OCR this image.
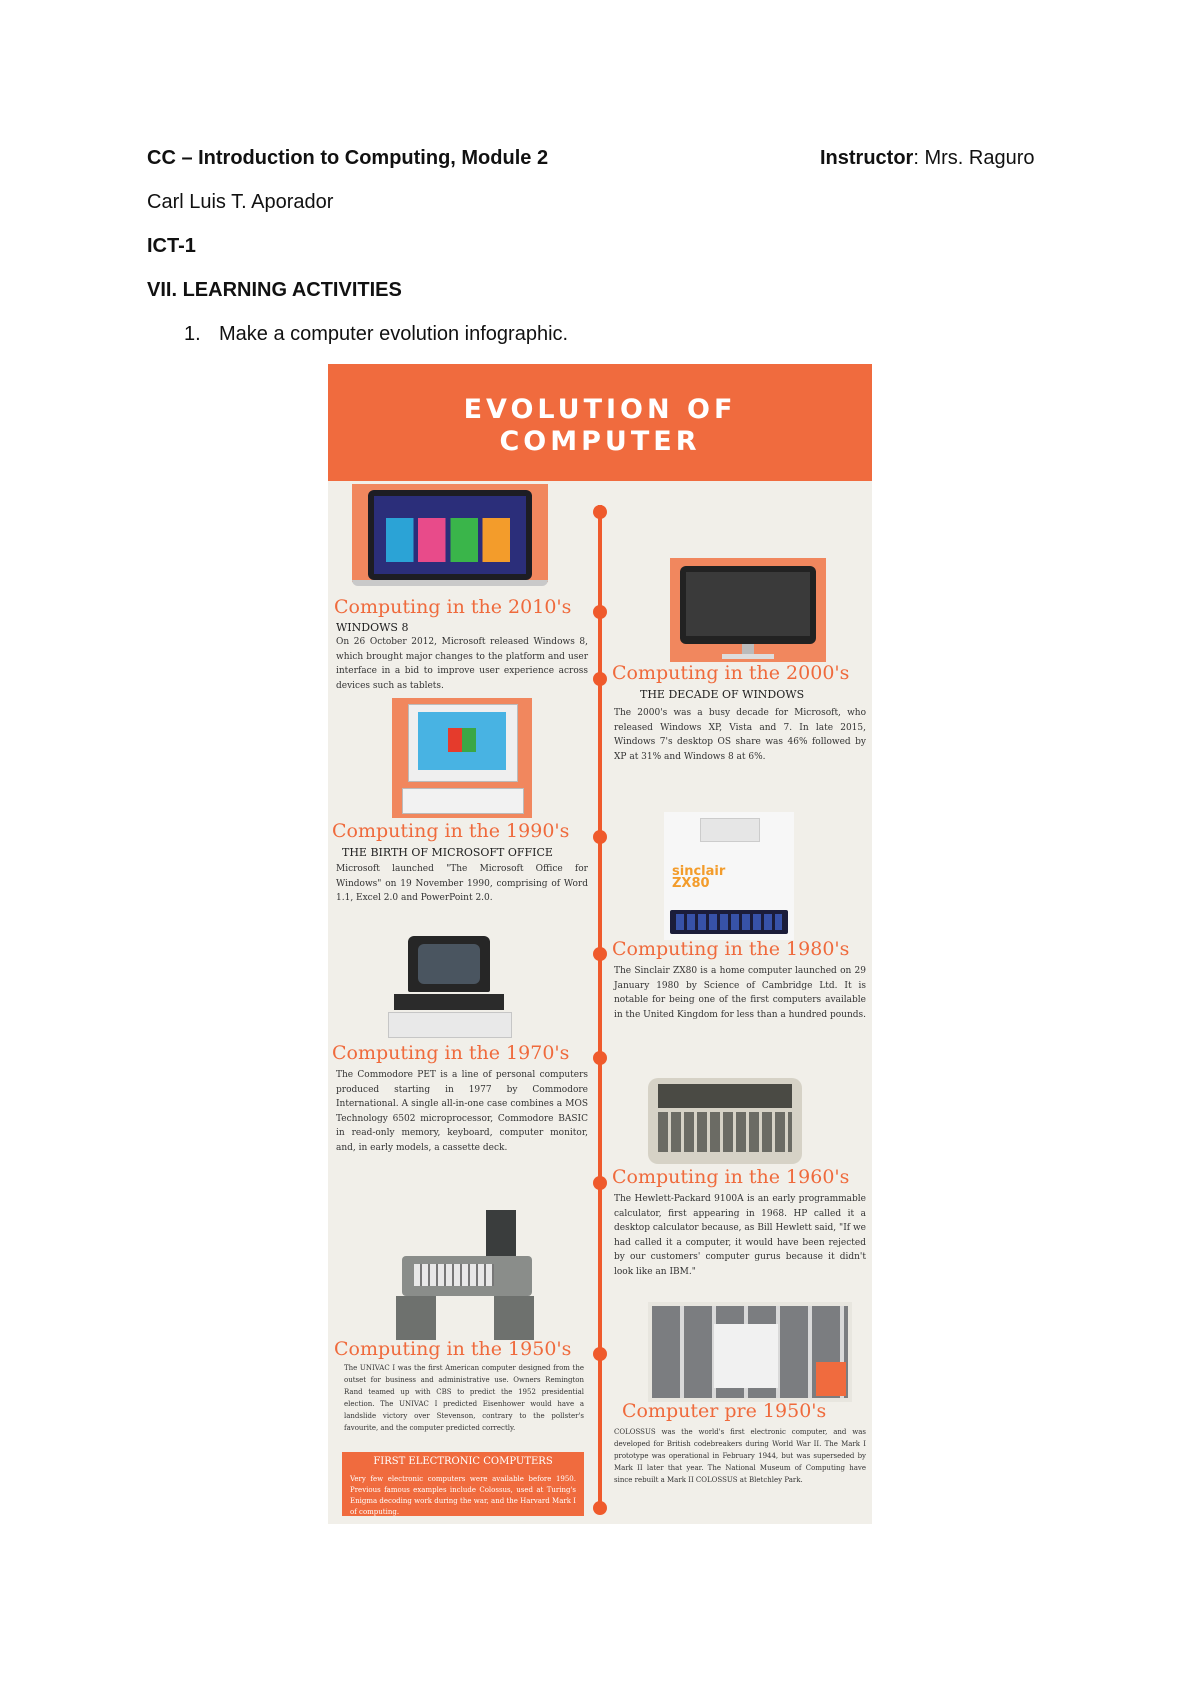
CC – Introduction to Computing, Module 2	Instructor: Mrs. Raguro
Carl Luis T. Aporador
ICT-1
VII. LEARNING ACTIVITIES
1. Make a computer evolution infographic.
EVOLUTION OF
COMPUTER
sinclair ZX80
Computing in the 2010's
WINDOWS 8
On 26 October 2012, Microsoft released Windows 8, which brought major changes to the platform and user interface in a bid to improve user experience across devices such as tablets.
Computing in the 2000's
THE DECADE OF WINDOWS
The 2000's was a busy decade for Microsoft, who released Windows XP, Vista and 7. In late 2015, Windows 7's desktop OS share was 46% followed by XP at 31% and Windows 8 at 6%.
Computing in the 1990's
THE BIRTH OF MICROSOFT OFFICE
Microsoft launched "The Microsoft Office for Windows" on 19 November 1990, comprising of Word 1.1, Excel 2.0 and PowerPoint 2.0.
Computing in the 1980's
The Sinclair ZX80 is a home computer launched on 29 January 1980 by Science of Cambridge Ltd. It is notable for being one of the first computers available in the United Kingdom for less than a hundred pounds.
Computing in the 1970's
The Commodore PET is a line of personal computers produced starting in 1977 by Commodore International. A single all-in-one case combines a MOS Technology 6502 microprocessor, Commodore BASIC in read-only memory, keyboard, computer monitor, and, in early models, a cassette deck.
Computing in the 1960's
The Hewlett-Packard 9100A is an early programmable calculator, first appearing in 1968. HP called it a desktop calculator because, as Bill Hewlett said, "If we had called it a computer, it would have been rejected by our customers' computer gurus because it didn't look like an IBM."
Computing in the 1950's
The UNIVAC I was the first American computer designed from the outset for business and administrative use. Owners Remington Rand teamed up with CBS to predict the 1952 presidential election. The UNIVAC I predicted Eisenhower would have a landslide victory over Stevenson, contrary to the pollster's favourite, and the computer predicted correctly.
FIRST ELECTRONIC COMPUTERS
Very few electronic computers were available before 1950. Previous famous examples include Colossus, used at Turing's Enigma decoding work during the war, and the Harvard Mark I of computing.
Computer pre 1950's
COLOSSUS was the world's first electronic computer, and was developed for British codebreakers during World War II. The Mark I prototype was operational in February 1944, but was superseded by Mark II later that year. The National Museum of Computing have since rebuilt a Mark II COLOSSUS at Bletchley Park.
